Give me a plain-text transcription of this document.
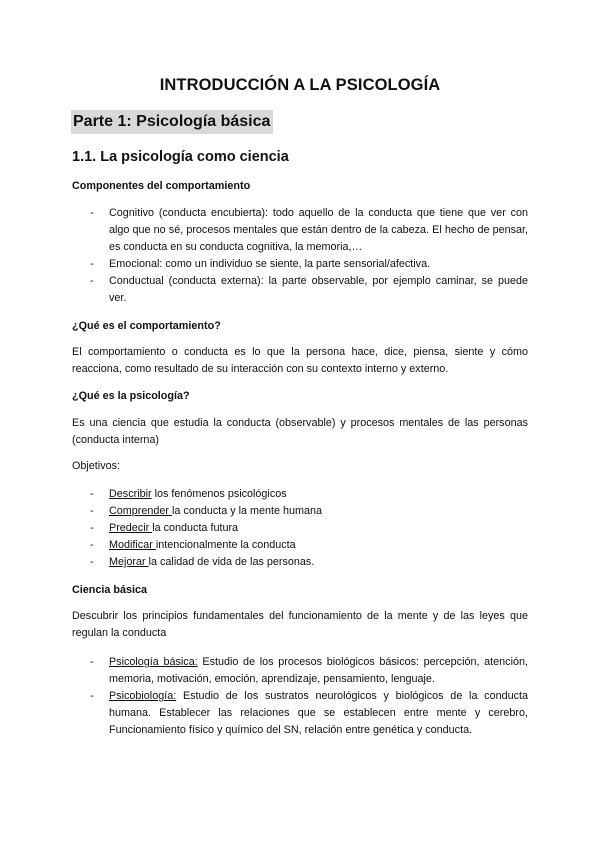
INTRODUCCIÓN A LA PSICOLOGÍA
Parte 1: Psicología básica
1.1. La psicología como ciencia
Componentes del comportamiento
- Cognitivo (conducta encubierta): todo aquello de la conducta que tiene que ver con algo que no sé, procesos mentales que están dentro de la cabeza. El hecho de pensar, es conducta en su conducta cognitiva, la memoria,…
- Emocional: como un individuo se siente, la parte sensorial/afectiva.
- Conductual (conducta externa): la parte observable, por ejemplo caminar, se puede ver.
¿Qué es el comportamiento?
El comportamiento o conducta es lo que la persona hace, dice, piensa, siente y cómo reacciona, como resultado de su interacción con su contexto interno y externo.
¿Qué es la psicología?
Es una ciencia que estudia la conducta (observable) y procesos mentales de las personas (conducta interna)
Objetivos:
- Describir los fenómenos psicológicos
- Comprender la conducta y la mente humana
- Predecir la conducta futura
- Modificar intencionalmente la conducta
- Mejorar la calidad de vida de las personas.
Ciencia básica
Descubrir los principios fundamentales del funcionamiento de la mente y de las leyes que regulan la conducta
- Psicología básica: Estudio de los procesos biológicos básicos: percepción, atención, memoria, motivación, emoción, aprendizaje, pensamiento, lenguaje.
- Psicobiología: Estudio de los sustratos neurológicos y biológicos de la conducta humana. Establecer las relaciones que se establecen entre mente y cerebro, Funcionamiento físico y químico del SN, relación entre genética y conducta.
